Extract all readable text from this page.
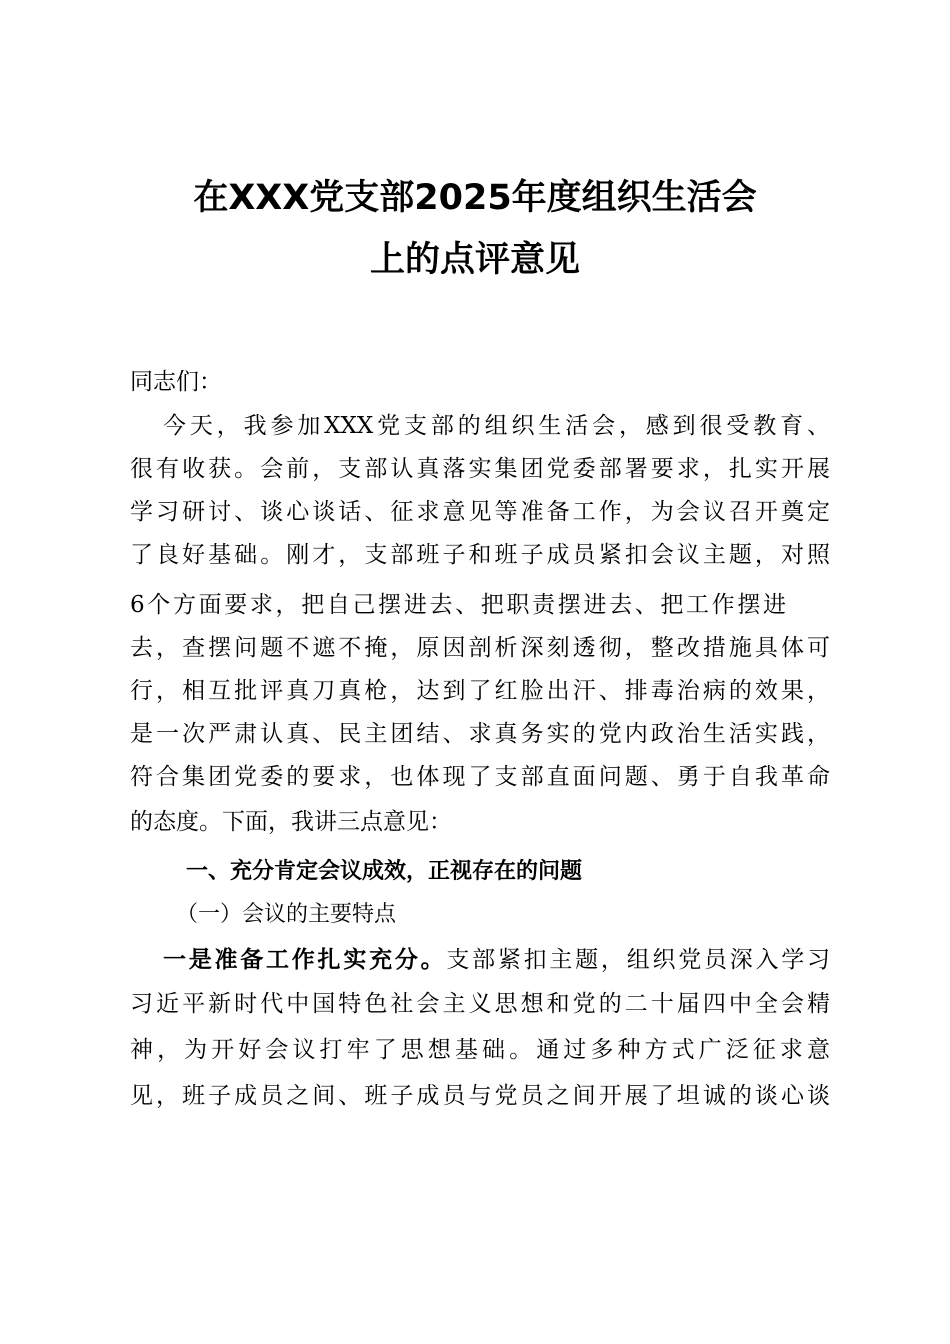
在XXX党支部2025年度组织生活会
上的点评意见
同志们：
今天，我参加XXX党支部的组织生活会，感到很受教育、
很有收获。会前，支部认真落实集团党委部署要求，扎实开展
学习研讨、谈心谈话、征求意见等准备工作，为会议召开奠定
了良好基础。刚才，支部班子和班子成员紧扣会议主题，对照
6个方面要求，把自己摆进去、把职责摆进去、把工作摆进
去，查摆问题不遮不掩，原因剖析深刻透彻，整改措施具体可
行，相互批评真刀真枪，达到了红脸出汗、排毒治病的效果，
是一次严肃认真、民主团结、求真务实的党内政治生活实践，
符合集团党委的要求，也体现了支部直面问题、勇于自我革命
的态度。下面，我讲三点意见：
一、充分肯定会议成效，正视存在的问题
（一）会议的主要特点
一是准备工作扎实充分。支部紧扣主题，组织党员深入学习
习近平新时代中国特色社会主义思想和党的二十届四中全会精
神，为开好会议打牢了思想基础。通过多种方式广泛征求意
见，班子成员之间、班子成员与党员之间开展了坦诚的谈心谈
